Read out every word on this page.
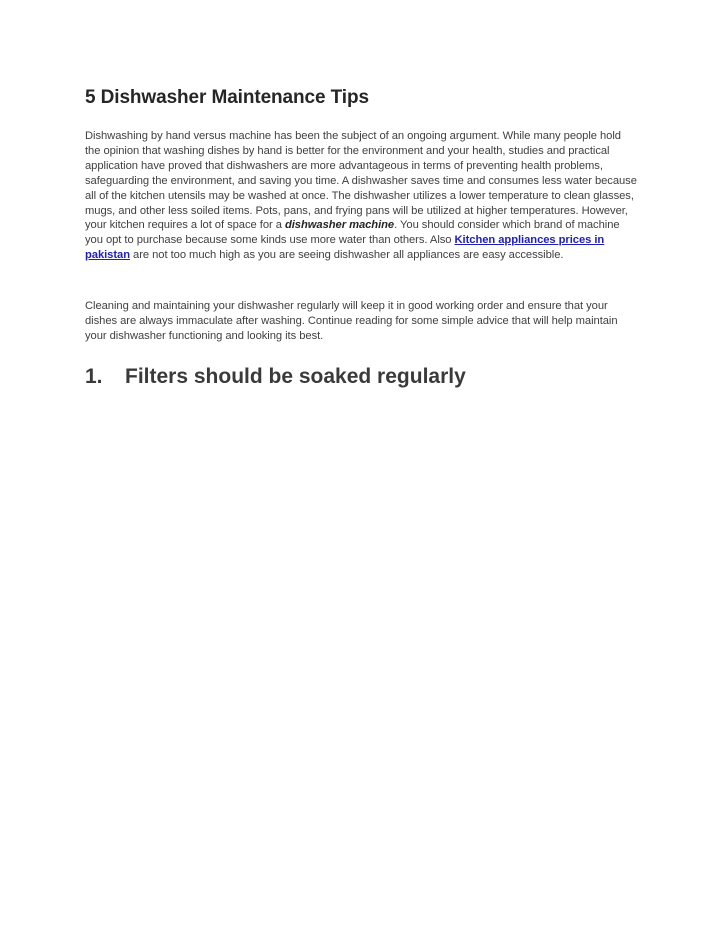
5 Dishwasher Maintenance Tips

Dishwashing by hand versus machine has been the subject of an ongoing argument. While many people hold the opinion that washing dishes by hand is better for the environment and your health, studies and practical application have proved that dishwashers are more advantageous in terms of preventing health problems, safeguarding the environment, and saving you time. A dishwasher saves time and consumes less water because all of the kitchen utensils may be washed at once. The dishwasher utilizes a lower temperature to clean glasses, mugs, and other less soiled items. Pots, pans, and frying pans will be utilized at higher temperatures. However, your kitchen requires a lot of space for a dishwasher machine. You should consider which brand of machine you opt to purchase because some kinds use more water than others. Also Kitchen appliances prices in pakistan are not too much high as you are seeing dishwasher all appliances are easy accessible.

Cleaning and maintaining your dishwasher regularly will keep it in good working order and ensure that your dishes are always immaculate after washing. Continue reading for some simple advice that will help maintain your dishwasher functioning and looking its best.

1. Filters should be soaked regularly
